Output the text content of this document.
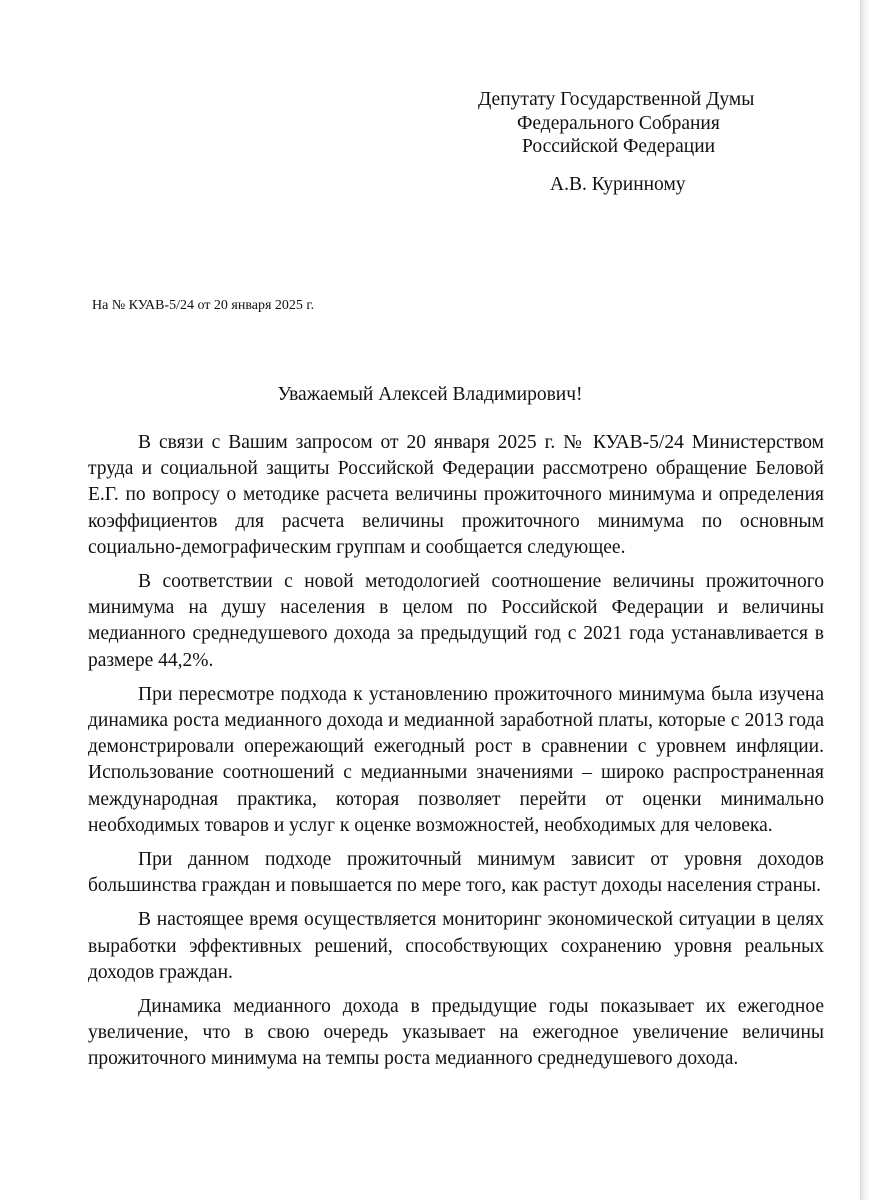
Депутату Государственной Думы
Федерального Собрания
Российской Федерации
А.В. Куринному
На № КУАВ-5/24 от 20 января 2025 г.
Уважаемый Алексей Владимирович!

В связи с Вашим запросом от 20 января 2025 г. № КУАВ-5/24 Министерством труда и социальной защиты Российской Федерации рассмотрено обращение Беловой Е.Г. по вопросу о методике расчета величины прожиточного минимума и определения коэффициентов для расчета величины прожиточного минимума по основным социально-демографическим группам и сообщается следующее.

В соответствии с новой методологией соотношение величины прожиточного минимума на душу населения в целом по Российской Федерации и величины медианного среднедушевого дохода за предыдущий год с 2021 года устанавливается в размере 44,2%.

При пересмотре подхода к установлению прожиточного минимума была изучена динамика роста медианного дохода и медианной заработной платы, которые с 2013 года демонстрировали опережающий ежегодный рост в сравнении с уровнем инфляции. Использование соотношений с медианными значениями – широко распространенная международная практика, которая позволяет перейти от оценки минимально необходимых товаров и услуг к оценке возможностей, необходимых для человека.

При данном подходе прожиточный минимум зависит от уровня доходов большинства граждан и повышается по мере того, как растут доходы населения страны.

В настоящее время осуществляется мониторинг экономической ситуации в целях выработки эффективных решений, способствующих сохранению уровня реальных доходов граждан.

Динамика медианного дохода в предыдущие годы показывает их ежегодное увеличение, что в свою очередь указывает на ежегодное увеличение величины прожиточного минимума на темпы роста медианного среднедушевого дохода.
